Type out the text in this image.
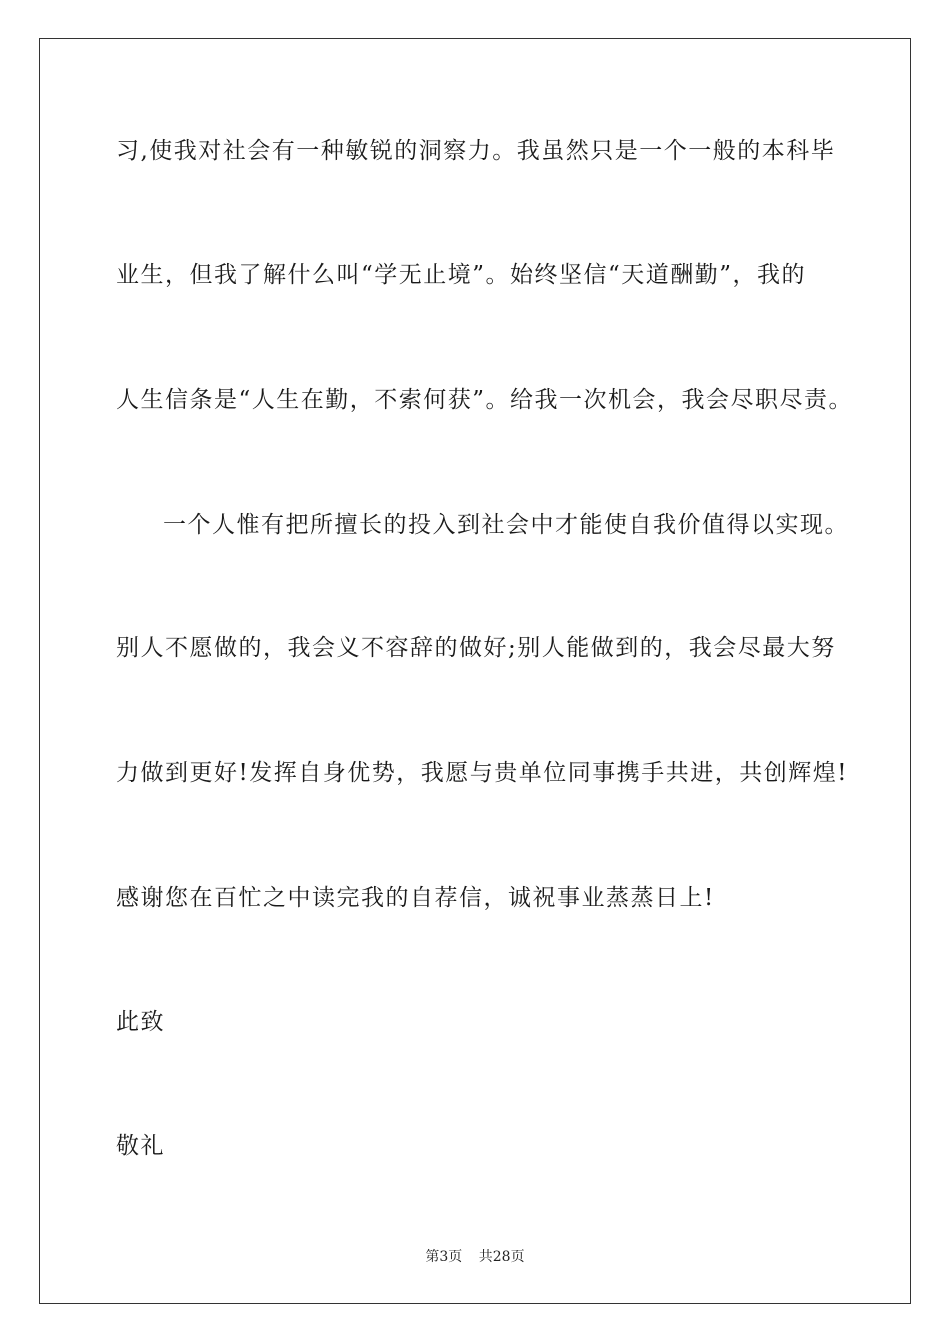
习,使我对社会有一种敏锐的洞察力。我虽然只是一个一般的本科毕
业生，但我了解什么叫“学无止境”。始终坚信“天道酬勤”，我的
人生信条是“人生在勤，不索何获”。给我一次机会，我会尽职尽责。
一个人惟有把所擅长的投入到社会中才能使自我价值得以实现。
别人不愿做的，我会义不容辞的做好;别人能做到的，我会尽最大努
力做到更好!发挥自身优势，我愿与贵单位同事携手共进，共创辉煌!
感谢您在百忙之中读完我的自荐信，诚祝事业蒸蒸日上!
此致
敬礼
第3页 共28页
